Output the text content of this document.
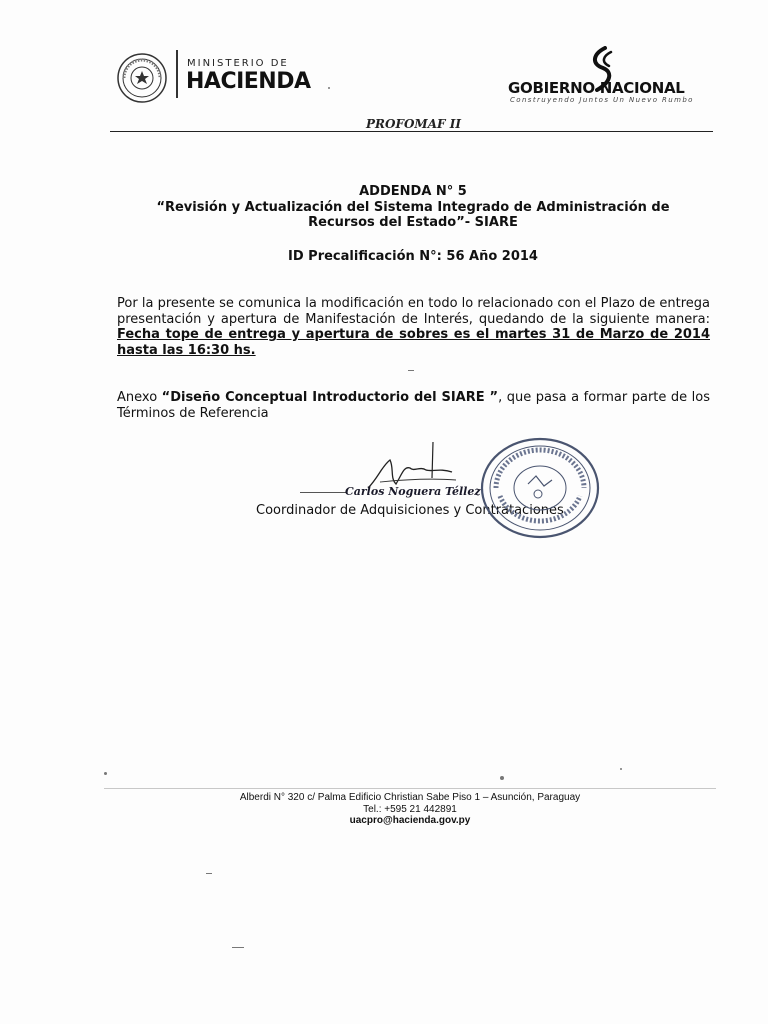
MINISTERIO DE
HACIENDA	GOBIERNO NACIONAL
Construyendo Juntos Un Nuevo Rumbo
PROFOMAF II
ADDENDA N° 5
“Revisión y Actualización del Sistema Integrado de Administración de
Recursos del Estado”- SIARE
ID Precalificación N°: 56 Año 2014
Por la presente se comunica la modificación en todo lo relacionado con el Plazo de entrega presentación y apertura de Manifestación de Interés, quedando de la siguiente manera: Fecha tope de entrega y apertura de sobres es el martes 31 de Marzo de 2014 hasta las 16:30 hs.
Anexo “Diseño Conceptual Introductorio del SIARE ”, que pasa a formar parte de los Términos de Referencia
Carlos Noguera Téllez
Coordinador de Adquisiciones y Contrataciones
Alberdi N° 320 c/ Palma Edificio Christian Sabe Piso 1 – Asunción, Paraguay
Tel.: +595 21 442891
uacpro@hacienda.gov.py
